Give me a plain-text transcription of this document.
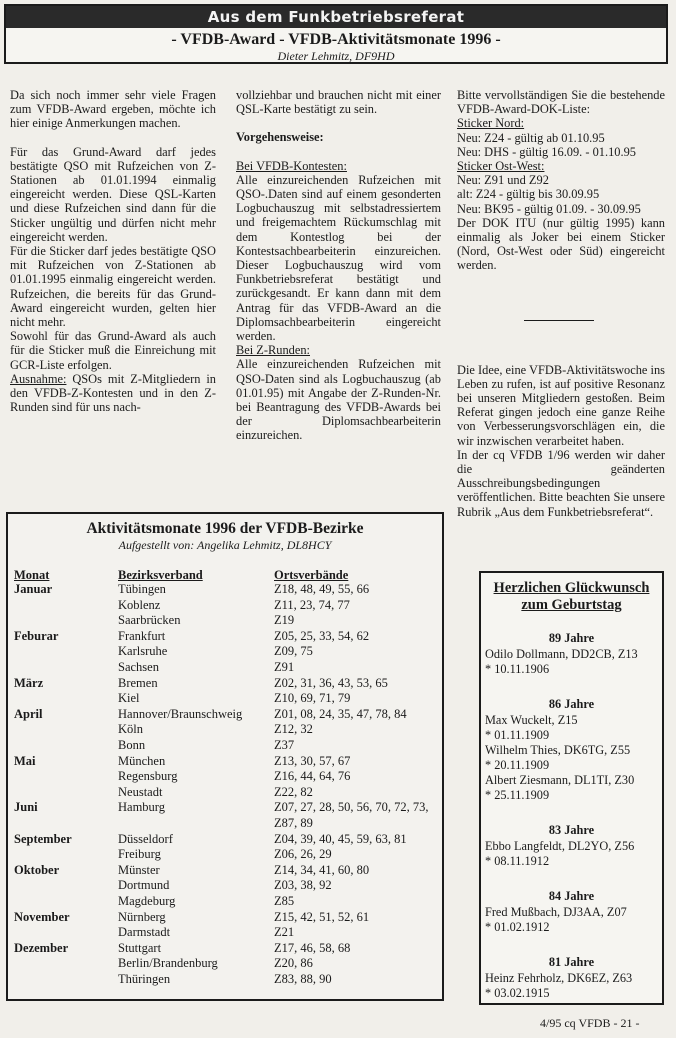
Aus dem Funkbetriebsreferat
- VFDB-Award - VFDB-Aktivitätsmonate 1996 -
Dieter Lehmitz, DF9HD

Da sich noch immer sehr viele Fragen zum VFDB-Award ergeben, möchte ich hier einige Anmerkungen machen.

Für das Grund-Award darf jedes bestätigte QSO mit Rufzeichen von Z-Stationen ab 01.01.1994 einmalig eingereicht werden. Diese QSL-Karten und diese Rufzeichen sind dann für die Sticker ungültig und dürfen nicht mehr eingereicht werden.

Für die Sticker darf jedes bestätigte QSO mit Rufzeichen von Z-Stationen ab 01.01.1995 einmalig eingereicht werden. Rufzeichen, die bereits für das Grund-Award eingereicht wurden, gelten hier nicht mehr.

Sowohl für das Grund-Award als auch für die Sticker muß die Einreichung mit GCR-Liste erfolgen.

Ausnahme: QSOs mit Z-Mitgliedern in den VFDB-Z-Kontesten und in den Z-Runden sind für uns nach-

vollziehbar und brauchen nicht mit einer QSL-Karte bestätigt zu sein.

Vorgehensweise:

Bei VFDB-Kontesten:

Alle einzureichenden Rufzeichen mit QSO-.Daten sind auf einem gesonderten Logbuchauszug mit selbstadressiertem und freigemachtem Rückumschlag mit dem Kontestlog bei der Kontestsachbearbeiterin einzureichen. Dieser Logbuchauszug wird vom Funkbetriebsreferat bestätigt und zurückgesandt. Er kann dann mit dem Antrag für das VFDB-Award an die Diplomsachbearbeiterin eingereicht werden.

Bei Z-Runden:

Alle einzureichenden Rufzeichen mit QSO-Daten sind als Logbuchauszug (ab 01.01.95) mit Angabe der Z-Runden-Nr. bei Beantragung des VFDB-Awards bei der Diplomsachbearbeiterin einzureichen.

Bitte vervollständigen Sie die bestehende VFDB-Award-DOK-Liste:

Sticker Nord:

Neu: Z24 - gültig ab 01.10.95

Neu: DHS - gültig 16.09. - 01.10.95

Sticker Ost-West:

Neu: Z91 und Z92

alt: Z24 - gültig bis 30.09.95

Neu: BK95 - gültig 01.09. - 30.09.95

Der DOK ITU (nur gültig 1995) kann einmalig als Joker bei einem Sticker (Nord, Ost-West oder Süd) eingereicht werden.

Die Idee, eine VFDB-Aktivitätswoche ins Leben zu rufen, ist auf positive Resonanz bei unseren Mitgliedern gestoßen. Beim Referat gingen jedoch eine ganze Reihe von Verbesserungsvorschlägen ein, die wir inzwischen verarbeitet haben.

In der cq VFDB 1/96 werden wir daher die geänderten Ausschreibungsbedingungen veröffentlichen. Bitte beachten Sie unsere Rubrik „Aus dem Funkbetriebsreferat“.

Aktivitätsmonate 1996 der VFDB-Bezirke
Aufgestellt von: Angelika Lehmitz, DL8HCY
Monat	Bezirksverband	Ortsverbände
Januar	Tübingen	Z18, 48, 49, 55, 66
Koblenz	Z11, 23, 74, 77
Saarbrücken	Z19
Feburar	Frankfurt	Z05, 25, 33, 54, 62
Karlsruhe	Z09, 75
Sachsen	Z91
März	Bremen	Z02, 31, 36, 43, 53, 65
Kiel	Z10, 69, 71, 79
April	Hannover/Braunschweig	Z01, 08, 24, 35, 47, 78, 84
Köln	Z12, 32
Bonn	Z37
Mai	München	Z13, 30, 57, 67
Regensburg	Z16, 44, 64, 76
Neustadt	Z22, 82
Juni	Hamburg	Z07, 27, 28, 50, 56, 70, 72, 73,
Z87, 89
September	Düsseldorf	Z04, 39, 40, 45, 59, 63, 81
Freiburg	Z06, 26, 29
Oktober	Münster	Z14, 34, 41, 60, 80
Dortmund	Z03, 38, 92
Magdeburg	Z85
November	Nürnberg	Z15, 42, 51, 52, 61
Darmstadt	Z21
Dezember	Stuttgart	Z17, 46, 58, 68
Berlin/Brandenburg	Z20, 86
Thüringen	Z83, 88, 90
Herzlichen Glückwunsch
zum Geburtstag
89 Jahre
Odilo Dollmann, DD2CB, Z13
* 10.11.1906
86 Jahre
Max Wuckelt, Z15
* 01.11.1909
Wilhelm Thies, DK6TG, Z55
* 20.11.1909
Albert Ziesmann, DL1TI, Z30
* 25.11.1909
83 Jahre
Ebbo Langfeldt, DL2YO, Z56
* 08.11.1912
84 Jahre
Fred Mußbach, DJ3AA, Z07
* 01.02.1912
81 Jahre
Heinz Fehrholz, DK6EZ, Z63
* 03.02.1915
4/95 cq VFDB - 21 -
